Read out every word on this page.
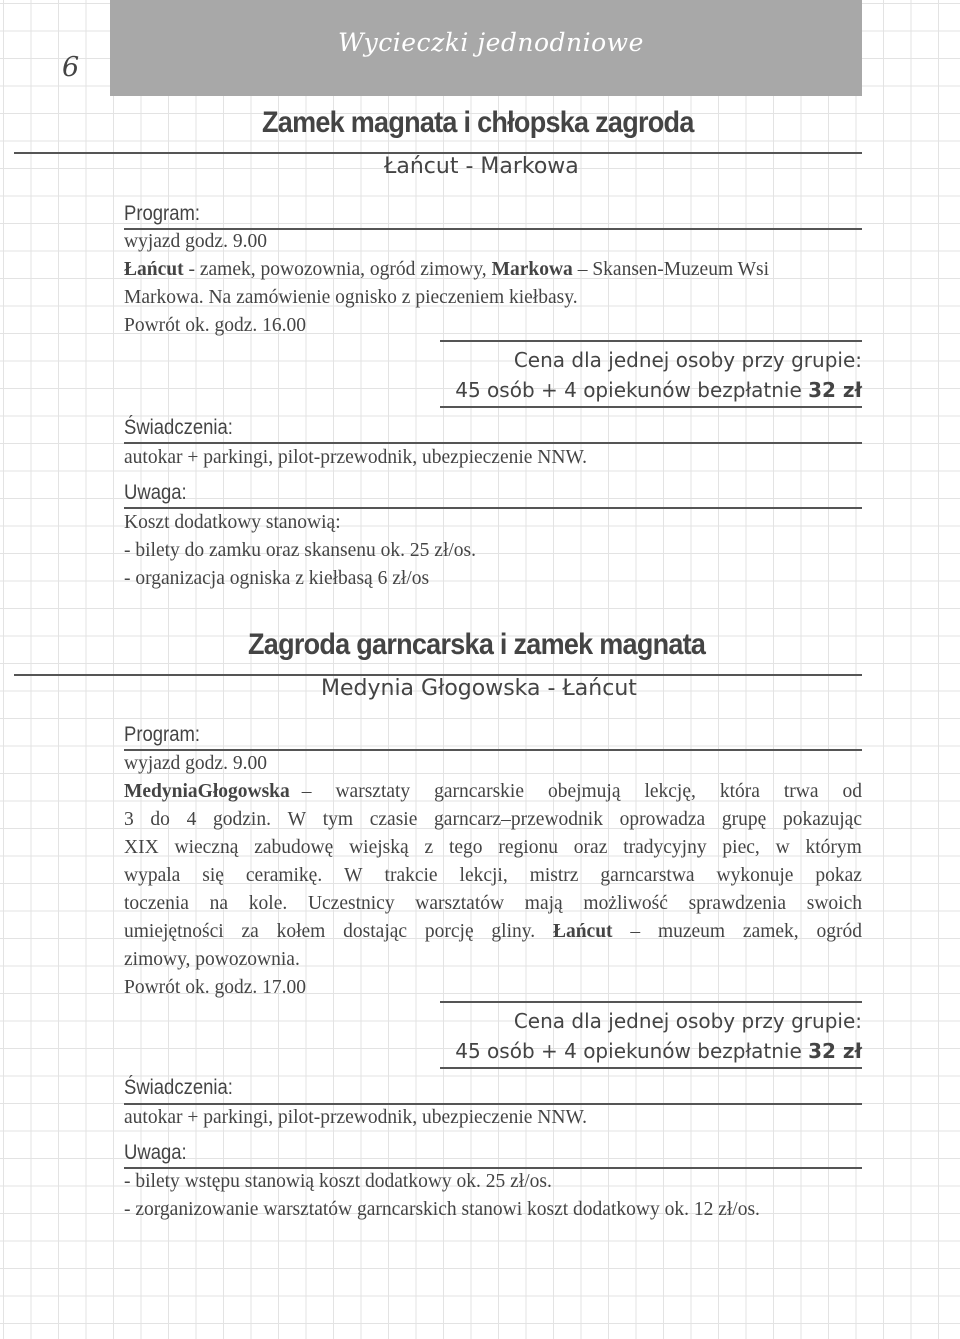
6
Wycieczki jednodniowe
Zamek magnata i chłopska zagroda
Łańcut - Markowa
Program:
wyjazd godz. 9.00
Łańcut - zamek, powozownia, ogród zimowy, Markowa – Skansen-Muzeum Wsi
Markowa. Na zamówienie ognisko z pieczeniem kiełbasy.
Powrót ok. godz. 16.00
Cena dla jednej osoby przy grupie:
45 osób + 4 opiekunów bezpłatnie 32 zł
Świadczenia:
autokar + parkingi, pilot-przewodnik, ubezpieczenie NNW.
Uwaga:
Koszt dodatkowy stanowią:
- bilety do zamku oraz skansenu ok. 25 zł/os.
- organizacja ogniska z kiełbasą 6 zł/os
Zagroda garncarska i zamek magnata
Medynia Głogowska - Łańcut
Program:
wyjazd godz. 9.00
MedyniaGłogowska – warsztaty garncarskie obejmują lekcję, która trwa od
3 do 4 godzin. W tym czasie garncarz–przewodnik oprowadza grupę pokazując
XIX wieczną zabudowę wiejską z tego regionu oraz tradycyjny piec, w którym
wypala się ceramikę. W trakcie lekcji, mistrz garncarstwa wykonuje pokaz
toczenia na kole. Uczestnicy warsztatów mają możliwość sprawdzenia swoich
umiejętności za kołem dostając porcję gliny. Łańcut – muzeum zamek, ogród
zimowy, powozownia.
Powrót ok. godz. 17.00
Cena dla jednej osoby przy grupie:
45 osób + 4 opiekunów bezpłatnie 32 zł
Świadczenia:
autokar + parkingi, pilot-przewodnik, ubezpieczenie NNW.
Uwaga:
- bilety wstępu stanowią koszt dodatkowy ok. 25 zł/os.
- zorganizowanie warsztatów garncarskich stanowi koszt dodatkowy ok. 12 zł/os.
